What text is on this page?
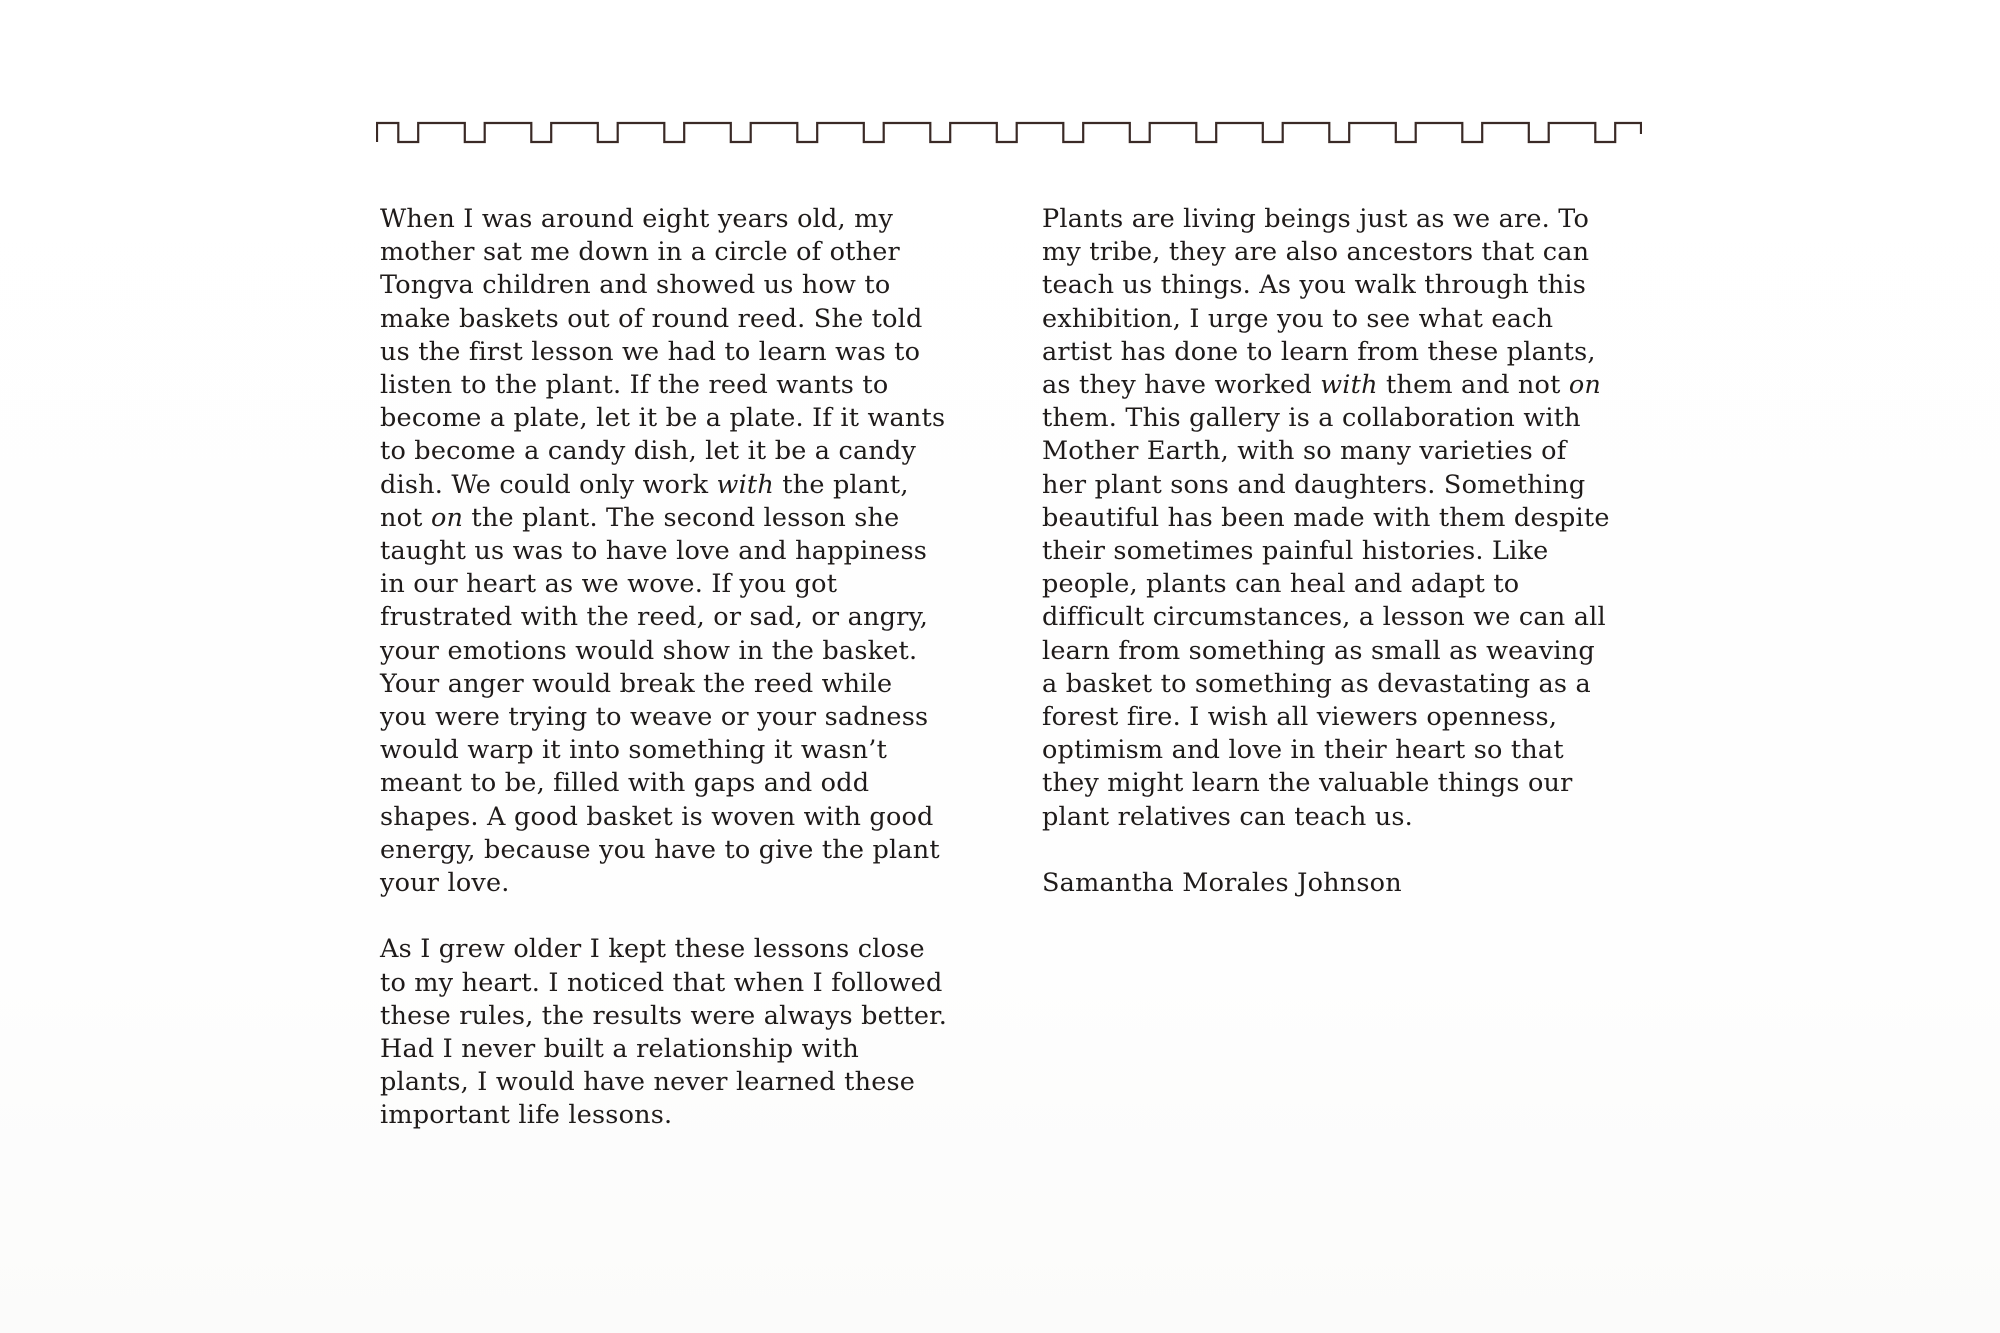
When I was around eight years old, my
mother sat me down in a circle of other
Tongva children and showed us how to
make baskets out of round reed. She told
us the first lesson we had to learn was to
listen to the plant. If the reed wants to
become a plate, let it be a plate. If it wants
to become a candy dish, let it be a candy
dish. We could only work with the plant,
not on the plant. The second lesson she
taught us was to have love and happiness
in our heart as we wove. If you got
frustrated with the reed, or sad, or angry,
your emotions would show in the basket.
Your anger would break the reed while
you were trying to weave or your sadness
would warp it into something it wasn’t
meant to be, filled with gaps and odd
shapes. A good basket is woven with good
energy, because you have to give the plant
your love.

As I grew older I kept these lessons close
to my heart. I noticed that when I followed
these rules, the results were always better.
Had I never built a relationship with
plants, I would have never learned these
important life lessons.

Plants are living beings just as we are. To
my tribe, they are also ancestors that can
teach us things. As you walk through this
exhibition, I urge you to see what each
artist has done to learn from these plants,
as they have worked with them and not on
them. This gallery is a collaboration with
Mother Earth, with so many varieties of
her plant sons and daughters. Something
beautiful has been made with them despite
their sometimes painful histories. Like
people, plants can heal and adapt to
difficult circumstances, a lesson we can all
learn from something as small as weaving
a basket to something as devastating as a
forest fire. I wish all viewers openness,
optimism and love in their heart so that
they might learn the valuable things our
plant relatives can teach us.

Samantha Morales Johnson
